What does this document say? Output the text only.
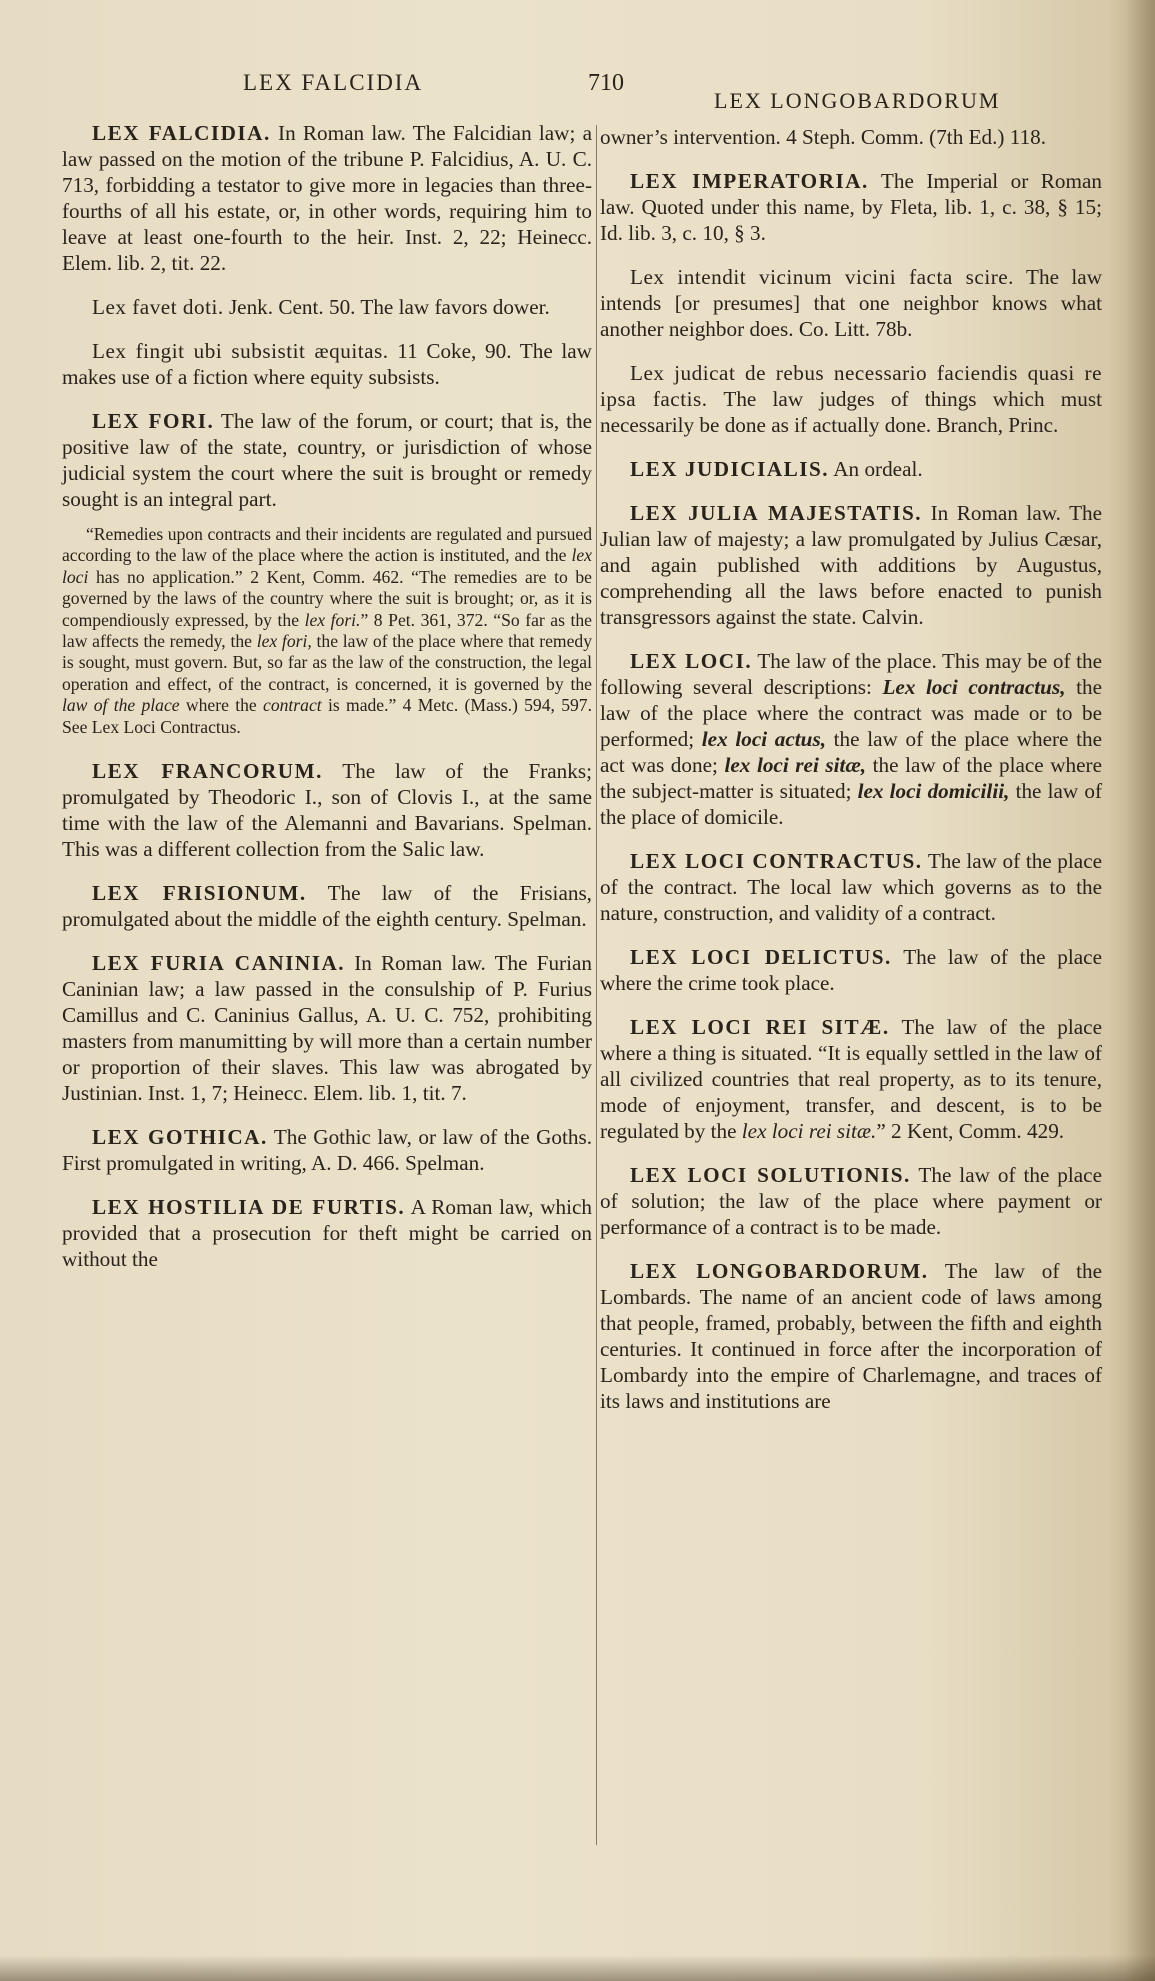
LEX FALCIDIA	710
LEX LONGOBARDORUM

LEX FALCIDIA. In Roman law. The Falcidian law; a law passed on the motion of the tribune P. Falcidius, A. U. C. 713, forbidding a testator to give more in legacies than three-fourths of all his estate, or, in other words, requiring him to leave at least one-fourth to the heir. Inst. 2, 22; Heinecc. Elem. lib. 2, tit. 22.

Lex favet doti. Jenk. Cent. 50. The law favors dower.

Lex fingit ubi subsistit æquitas. 11 Coke, 90. The law makes use of a fiction where equity subsists.

LEX FORI. The law of the forum, or court; that is, the positive law of the state, country, or jurisdiction of whose judicial system the court where the suit is brought or remedy sought is an integral part.

“Remedies upon contracts and their incidents are regulated and pursued according to the law of the place where the action is instituted, and the lex loci has no application.” 2 Kent, Comm. 462. “The remedies are to be governed by the laws of the country where the suit is brought; or, as it is compendiously expressed, by the lex fori.” 8 Pet. 361, 372. “So far as the law affects the remedy, the lex fori, the law of the place where that remedy is sought, must govern. But, so far as the law of the construction, the legal operation and effect, of the contract, is concerned, it is governed by the law of the place where the contract is made.” 4 Metc. (Mass.) 594, 597. See Lex Loci Contractus.

LEX FRANCORUM. The law of the Franks; promulgated by Theodoric I., son of Clovis I., at the same time with the law of the Alemanni and Bavarians. Spelman. This was a different collection from the Salic law.

LEX FRISIONUM. The law of the Frisians, promulgated about the middle of the eighth century. Spelman.

LEX FURIA CANINIA. In Roman law. The Furian Caninian law; a law passed in the consulship of P. Furius Camillus and C. Caninius Gallus, A. U. C. 752, prohibiting masters from manumitting by will more than a certain number or proportion of their slaves. This law was abrogated by Justinian. Inst. 1, 7; Heinecc. Elem. lib. 1, tit. 7.

LEX GOTHICA. The Gothic law, or law of the Goths. First promulgated in writing, A. D. 466. Spelman.

LEX HOSTILIA DE FURTIS. A Roman law, which provided that a prosecution for theft might be carried on without the

owner’s intervention. 4 Steph. Comm. (7th Ed.) 118.

LEX IMPERATORIA. The Imperial or Roman law. Quoted under this name, by Fleta, lib. 1, c. 38, § 15; Id. lib. 3, c. 10, § 3.

Lex intendit vicinum vicini facta scire. The law intends [or presumes] that one neighbor knows what another neighbor does. Co. Litt. 78b.

Lex judicat de rebus necessario faciendis quasi re ipsa factis. The law judges of things which must necessarily be done as if actually done. Branch, Princ.

LEX JUDICIALIS. An ordeal.

LEX JULIA MAJESTATIS. In Roman law. The Julian law of majesty; a law promulgated by Julius Cæsar, and again published with additions by Augustus, comprehending all the laws before enacted to punish transgressors against the state. Calvin.

LEX LOCI. The law of the place. This may be of the following several descriptions: Lex loci contractus, the law of the place where the contract was made or to be performed; lex loci actus, the law of the place where the act was done; lex loci rei sitæ, the law of the place where the subject-matter is situated; lex loci domicilii, the law of the place of domicile.

LEX LOCI CONTRACTUS. The law of the place of the contract. The local law which governs as to the nature, construction, and validity of a contract.

LEX LOCI DELICTUS. The law of the place where the crime took place.

LEX LOCI REI SITÆ. The law of the place where a thing is situated. “It is equally settled in the law of all civilized countries that real property, as to its tenure, mode of enjoyment, transfer, and descent, is to be regulated by the lex loci rei sitæ.” 2 Kent, Comm. 429.

LEX LOCI SOLUTIONIS. The law of the place of solution; the law of the place where payment or performance of a contract is to be made.

LEX LONGOBARDORUM. The law of the Lombards. The name of an ancient code of laws among that people, framed, probably, between the fifth and eighth centuries. It continued in force after the incorporation of Lombardy into the empire of Charlemagne, and traces of its laws and institutions are
